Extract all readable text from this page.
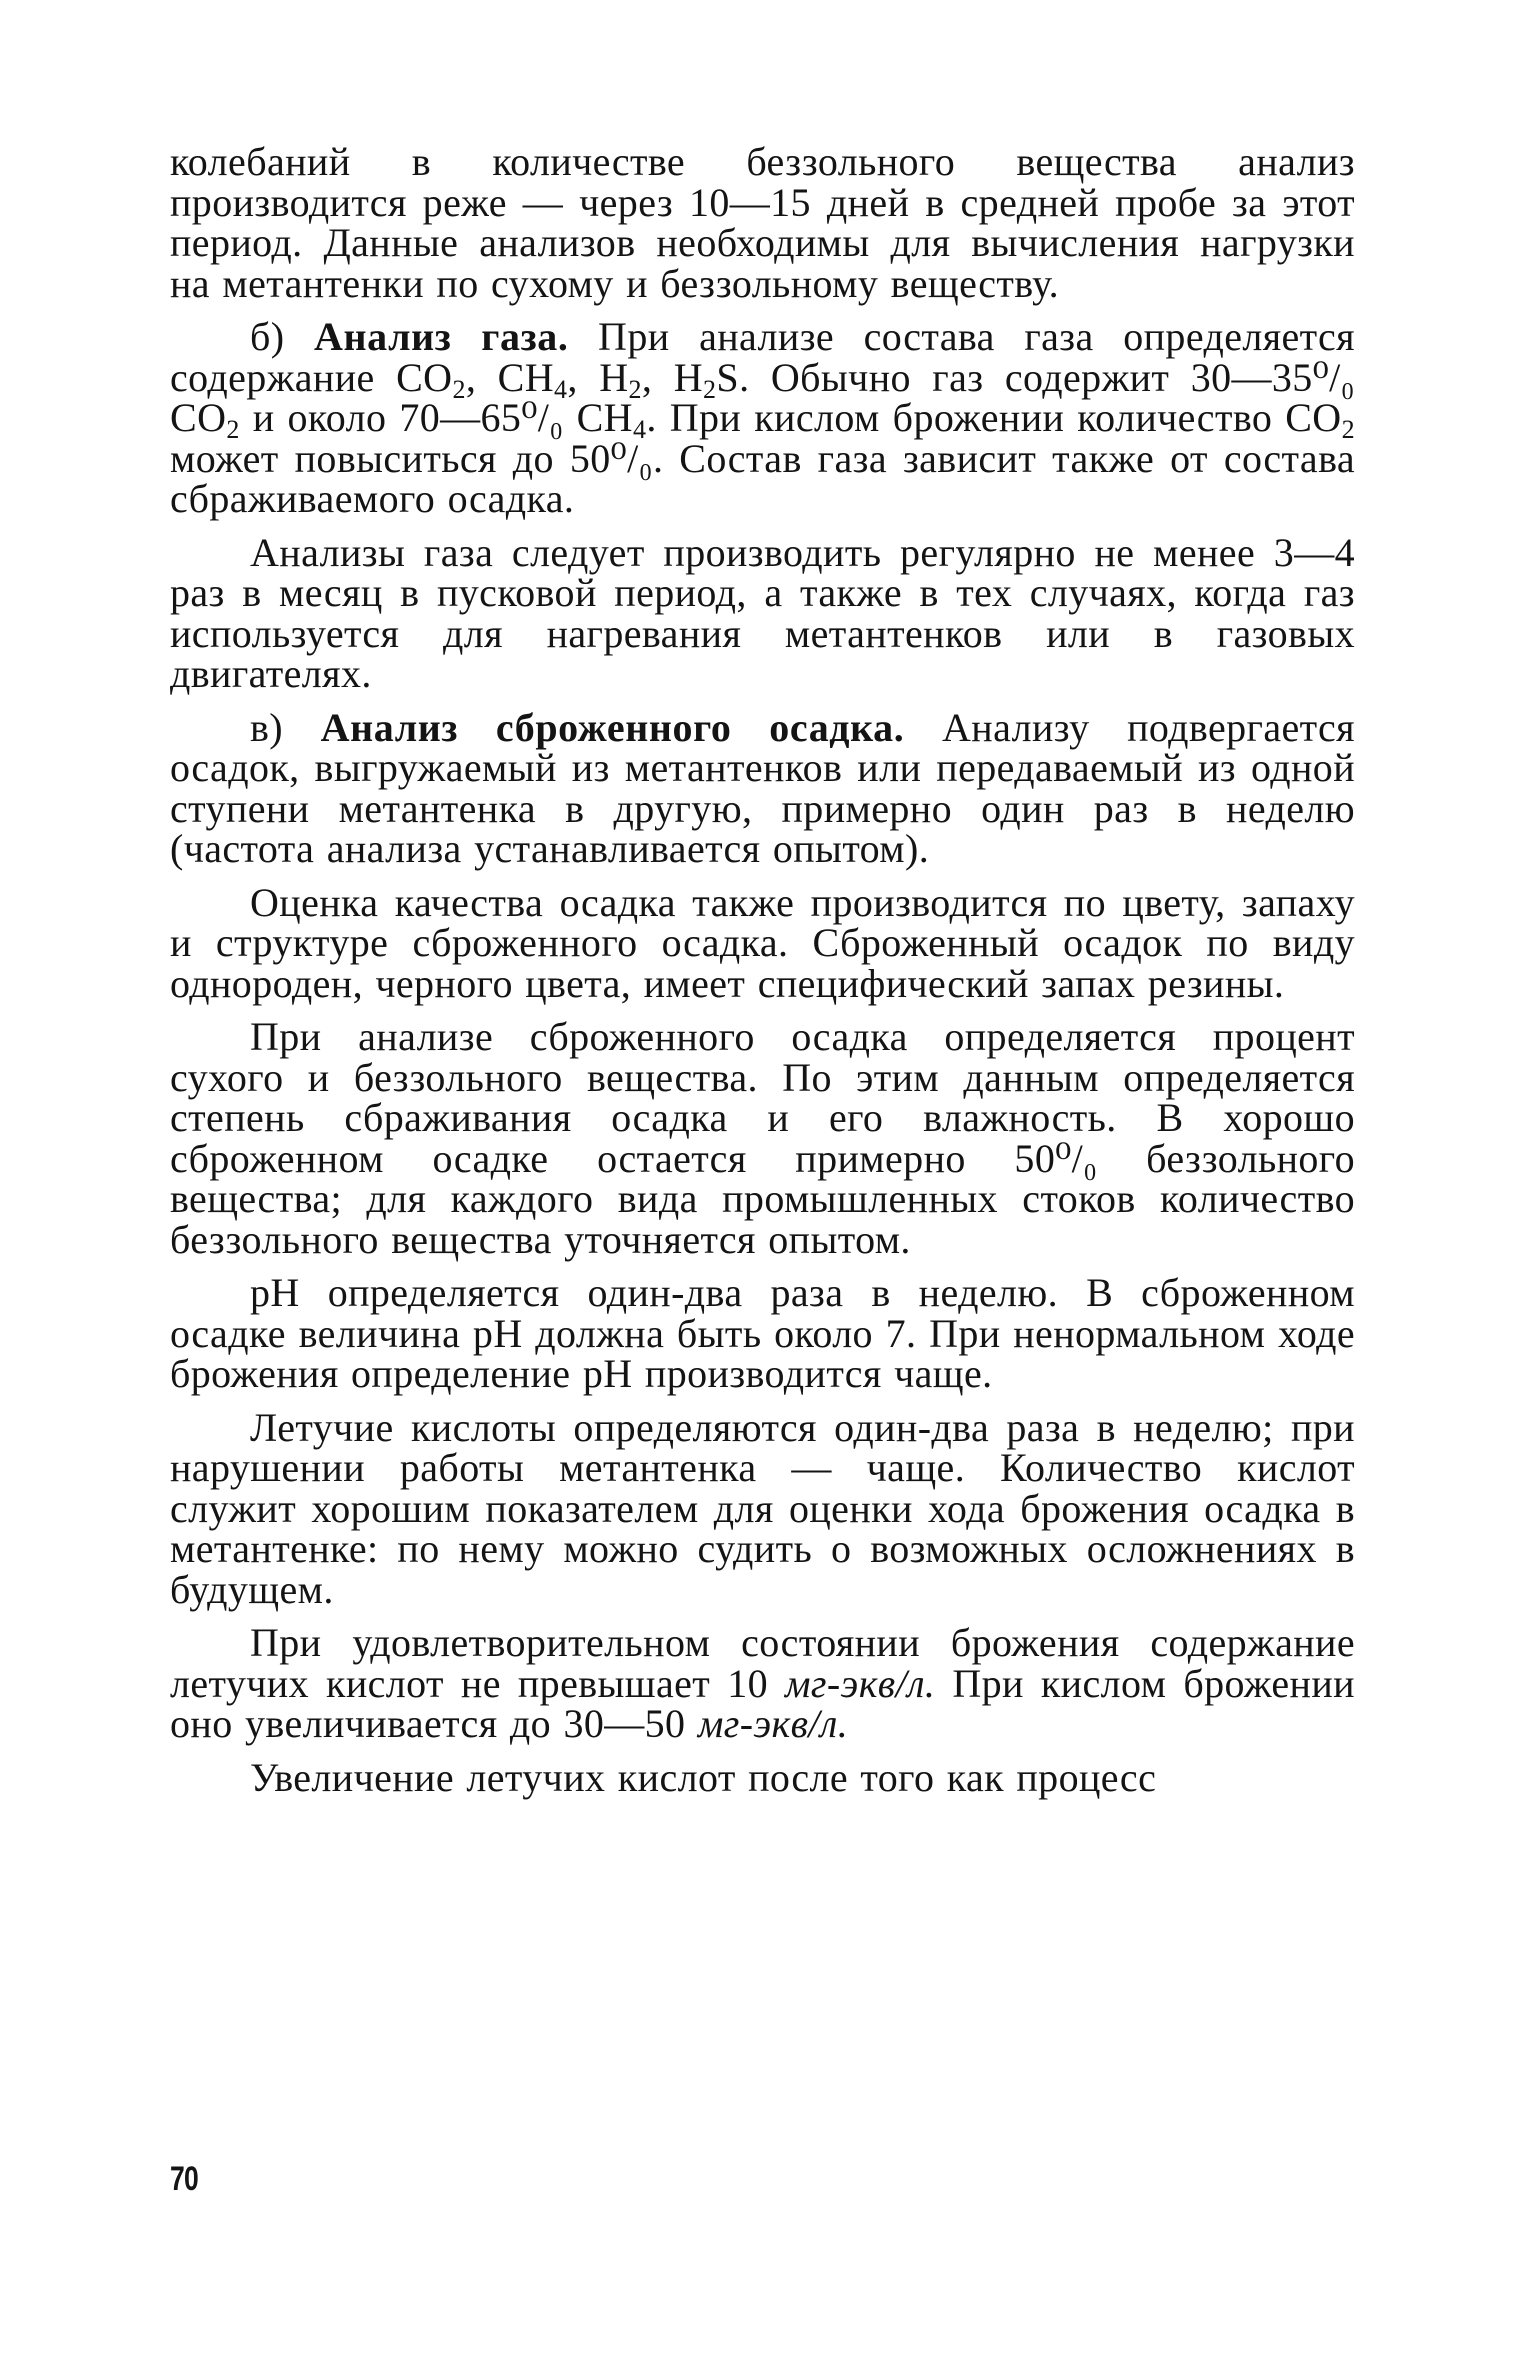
колебаний в количестве беззольного вещества анализ производится реже — через 10—15 дней в средней пробе за этот период. Данные анализов необходимы для вычисления нагрузки на метантенки по сухому и беззольному веществу.

б) Анализ газа. При анализе состава газа определяется содержание $CO_2$, $CH_4$, $H_2$, $H_2S$. Обычно газ содержит 30—35⁰/₀ $CO_2$ и около 70—65⁰/₀ $CH_4$. При кислом брожении количество $CO_2$ может повыситься до 50⁰/₀. Состав газа зависит также от состава сбраживаемого осадка.

Анализы газа следует производить регулярно не менее 3—4 раз в месяц в пусковой период, а также в тех случаях, когда газ используется для нагревания метантенков или в газовых двигателях.

в) Анализ сброженного осадка. Анализу подвергается осадок, выгружаемый из метантенков или передаваемый из одной ступени метантенка в другую, примерно один раз в неделю (частота анализа устанавливается опытом).

Оценка качества осадка также производится по цвету, запаху и структуре сброженного осадка. Сброженный осадок по виду однороден, черного цвета, имеет специфический запах резины.

При анализе сброженного осадка определяется процент сухого и беззольного вещества. По этим данным определяется степень сбраживания осадка и его влажность. В хорошо сброженном осадке остается примерно 50⁰/₀ беззольного вещества; для каждого вида промышленных стоков количество беззольного вещества уточняется опытом.

pH определяется один-два раза в неделю. В сброженном осадке величина pH должна быть около 7. При ненормальном ходе брожения определение pH производится чаще.

Летучие кислоты определяются один-два раза в неделю; при нарушении работы метантенка — чаще. Количество кислот служит хорошим показателем для оценки хода брожения осадка в метантенке: по нему можно судить о возможных осложнениях в будущем.

При удовлетворительном состоянии брожения содержание летучих кислот не превышает 10 мг-экв/л. При кислом брожении оно увеличивается до 30—50 мг-экв/л.

Увеличение летучих кислот после того как процесс

70
